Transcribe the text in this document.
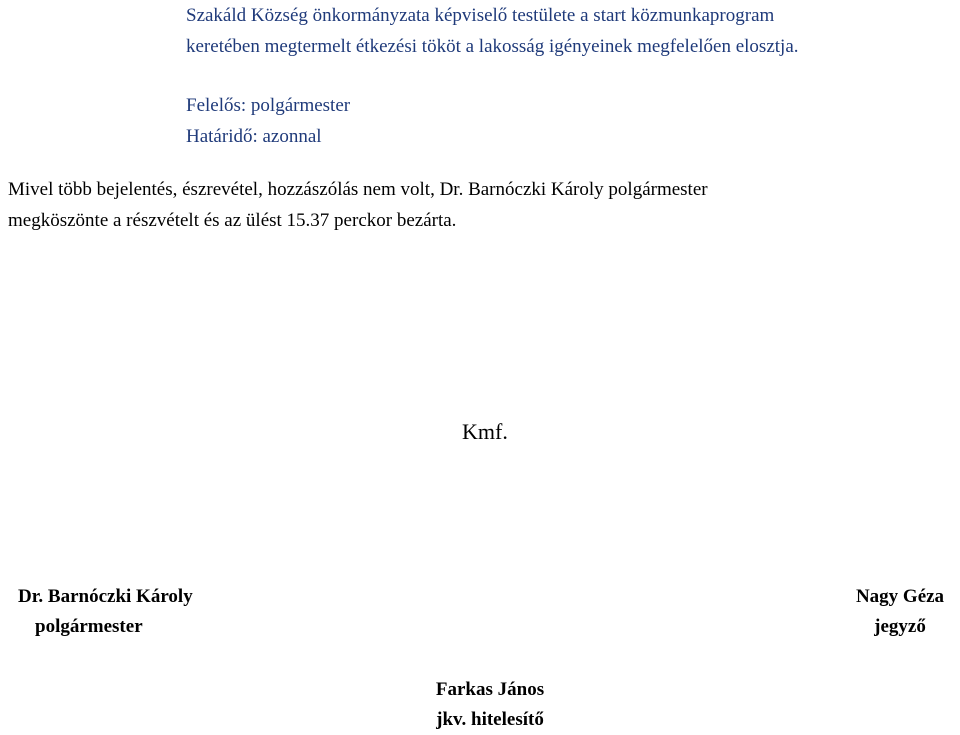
Szakáld Község önkormányzata képviselő testülete a start közmunkaprogram
keretében megtermelt étkezési tököt a lakosság igényeinek megfelelően elosztja.
Felelős: polgármester
Határidő: azonnal
Mivel több bejelentés, észrevétel, hozzászólás nem volt, Dr. Barnóczki Károly polgármester
megköszönte a részvételt és az ülést 15.37 perckor bezárta.
Kmf.
Dr. Barnóczki Károly
polgármester
Nagy Géza
jegyző
Farkas János
jkv. hitelesítő
